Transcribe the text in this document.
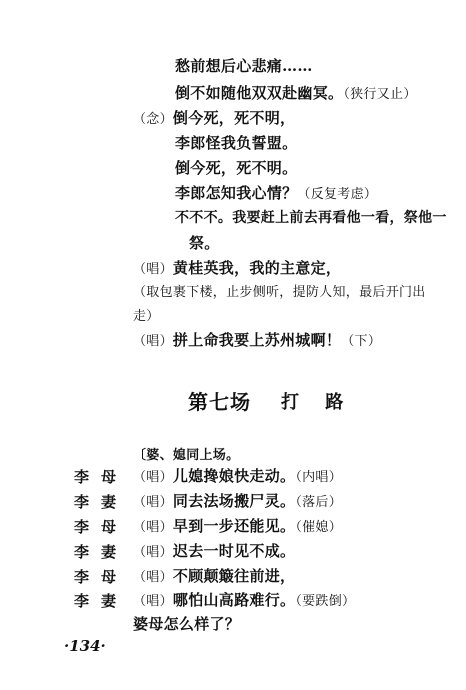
愁前想后心悲痛……
倒不如随他双双赴幽冥。（狭行又止）
（念）倒今死，死不明，
李郎怪我负誓盟。
倒今死，死不明。
李郎怎知我心情？（反复考虑）
不不不。我要赶上前去再看他一看，祭他一
祭。
（唱）黄桂英我，我的主意定，
（取包裹下楼，止步侧听，提防人知，最后开门出
走）
（唱）拼上命我要上苏州城啊！（下）
第七场 打 路
〔婆、媳同上场。
李母 （唱）儿媳搀娘快走动。（内唱）
李妻 （唱）同去法场搬尸灵。（落后）
李母 （唱）早到一步还能见。（催媳）
李妻 （唱）迟去一时见不成。
李母 （唱）不顾颠簸往前进，
李妻 （唱）哪怕山高路难行。（要跌倒）
婆母怎么样了？
·134·
